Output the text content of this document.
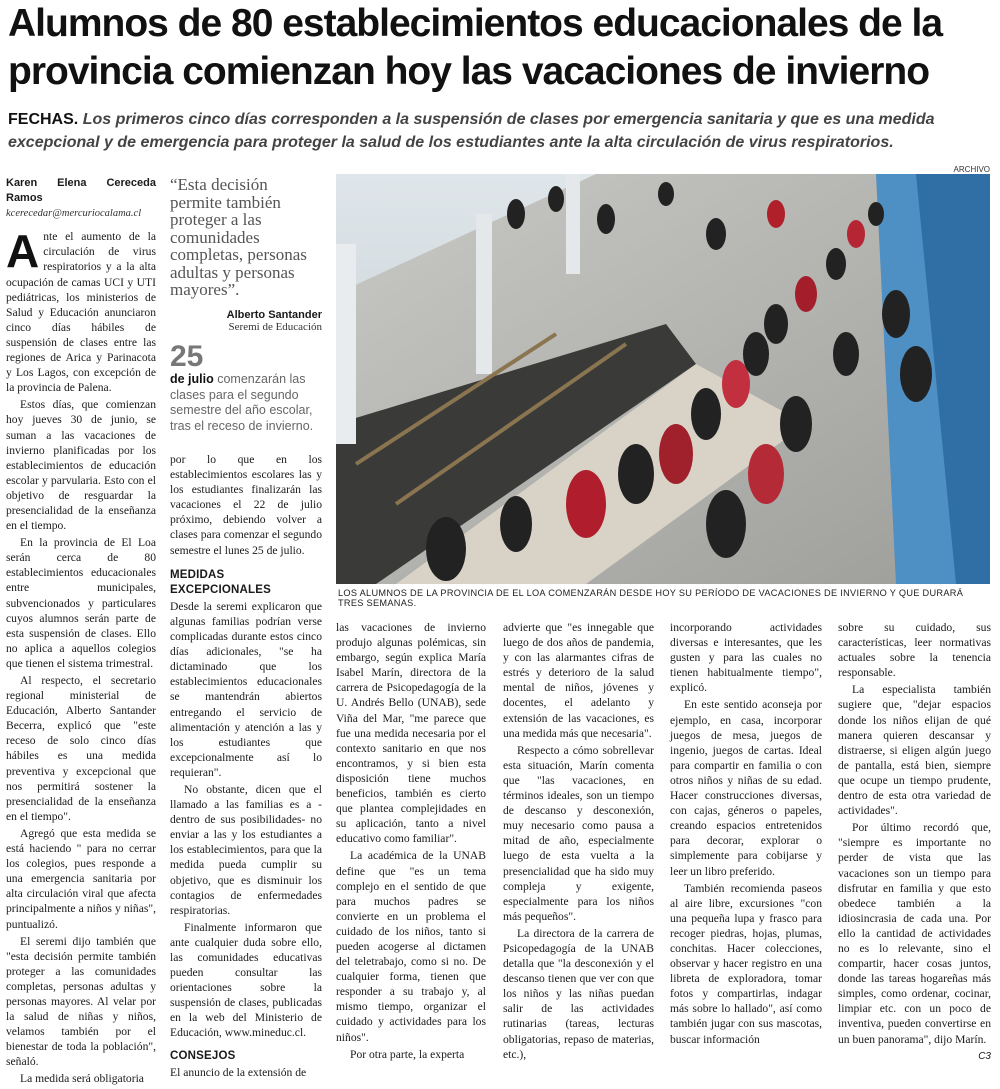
Alumnos de 80 establecimientos educacionales de la provincia comienzan hoy las vacaciones de invierno
FECHAS. Los primeros cinco días corresponden a la suspensión de clases por emergencia sanitaria y que es una medida excepcional y de emergencia para proteger la salud de los estudiantes ante la alta circulación de virus respiratorios.
Karen Elena Cereceda Ramos
kcerecedar@mercuriocalama.cl

Ante el aumento de la circulación de virus respiratorios y a la alta ocupación de camas UCI y UTI pediátricas, los ministerios de Salud y Educación anunciaron cinco días hábiles de suspensión de clases entre las regiones de Arica y Parinacota y Los Lagos, con excepción de la provincia de Palena.

Estos días, que comienzan hoy jueves 30 de junio, se suman a las vacaciones de invierno planificadas por los establecimientos de educación escolar y parvularia. Esto con el objetivo de resguardar la presencialidad de la enseñanza en el tiempo.

En la provincia de El Loa serán cerca de 80 establecimientos educacionales entre municipales, subvencionados y particulares cuyos alumnos serán parte de esta suspensión de clases. Ello no aplica a aquellos colegios que tienen el sistema trimestral.

Al respecto, el secretario regional ministerial de Educación, Alberto Santander Becerra, explicó que "este receso de solo cinco días hábiles es una medida preventiva y excepcional que nos permitirá sostener la presencialidad de la enseñanza en el tiempo".

Agregó que esta medida se está haciendo " para no cerrar los colegios, pues responde a una emergencia sanitaria por alta circulación viral que afecta principalmente a niños y niñas", puntualizó.

El seremi dijo también que "esta decisión permite también proteger a las comunidades completas, personas adultas y personas mayores. Al velar por la salud de niñas y niños, velamos también por el bienestar de toda la población", señaló.

La medida será obligatoria

“Esta decisión permite también proteger a las comunidades completas, personas adultas y personas mayores”.
Alberto Santander
Seremi de Educación
25
de julio comenzarán las clases para el segundo semestre del año escolar, tras el receso de invierno.

por lo que en los establecimientos escolares las y los estudiantes finalizarán las vacaciones el 22 de julio próximo, debiendo volver a clases para comenzar el segundo semestre el lunes 25 de julio.

MEDIDAS EXCEPCIONALES

Desde la seremi explicaron que algunas familias podrían verse complicadas durante estos cinco días adicionales, "se ha dictaminado que los establecimientos educacionales se mantendrán abiertos entregando el servicio de alimentación y atención a las y los estudiantes que excepcionalmente así lo requieran".

No obstante, dicen que el llamado a las familias es a -dentro de sus posibilidades- no enviar a las y los estudiantes a los establecimientos, para que la medida pueda cumplir su objetivo, que es disminuir los contagios de enfermedades respiratorias.

Finalmente informaron que ante cualquier duda sobre ello, las comunidades educativas pueden consultar las orientaciones sobre la suspensión de clases, publicadas en la web del Ministerio de Educación, www.mineduc.cl.

CONSEJOS

El anuncio de la extensión de

ARCHIVO
LOS ALUMNOS DE LA PROVINCIA DE EL LOA COMENZARÁN DESDE HOY SU PERÍODO DE VACACIONES DE INVIERNO Y QUE DURARÁ TRES SEMANAS.

las vacaciones de invierno produjo algunas polémicas, sin embargo, según explica María Isabel Marín, directora de la carrera de Psicopedagogía de la U. Andrés Bello (UNAB), sede Viña del Mar, "me parece que fue una medida necesaria por el contexto sanitario en que nos encontramos, y si bien esta disposición tiene muchos beneficios, también es cierto que plantea complejidades en su aplicación, tanto a nivel educativo como familiar".

La académica de la UNAB define que "es un tema complejo en el sentido de que para muchos padres se convierte en un problema el cuidado de los niños, tanto si pueden acogerse al dictamen del teletrabajo, como si no. De cualquier forma, tienen que responder a su trabajo y, al mismo tiempo, organizar el cuidado y actividades para los niños".

Por otra parte, la experta

advierte que "es innegable que luego de dos años de pandemia, y con las alarmantes cifras de estrés y deterioro de la salud mental de niños, jóvenes y docentes, el adelanto y extensión de las vacaciones, es una medida más que necesaria".

Respecto a cómo sobrellevar esta situación, Marín comenta que "las vacaciones, en términos ideales, son un tiempo de descanso y desconexión, muy necesario como pausa a mitad de año, especialmente luego de esta vuelta a la presencialidad que ha sido muy compleja y exigente, especialmente para los niños más pequeños".

La directora de la carrera de Psicopedagogía de la UNAB detalla que "la desconexión y el descanso tienen que ver con que los niños y las niñas puedan salir de las actividades rutinarias (tareas, lecturas obligatorias, repaso de materias, etc.),

incorporando actividades diversas e interesantes, que les gusten y para las cuales no tienen habitualmente tiempo", explicó.

En este sentido aconseja por ejemplo, en casa, incorporar juegos de mesa, juegos de ingenio, juegos de cartas. Ideal para compartir en familia o con otros niños y niñas de su edad. Hacer construcciones diversas, con cajas, géneros o papeles, creando espacios entretenidos para decorar, explorar o simplemente para cobijarse y leer un libro preferido.

También recomienda paseos al aire libre, excursiones "con una pequeña lupa y frasco para recoger piedras, hojas, plumas, conchitas. Hacer colecciones, observar y hacer registro en una libreta de exploradora, tomar fotos y compartirlas, indagar más sobre lo hallado", así como también jugar con sus mascotas, buscar información

sobre su cuidado, sus características, leer normativas actuales sobre la tenencia responsable.

La especialista también sugiere que, "dejar espacios donde los niños elijan de qué manera quieren descansar y distraerse, si eligen algún juego de pantalla, está bien, siempre que ocupe un tiempo prudente, dentro de esta otra variedad de actividades".

Por último recordó que, "siempre es importante no perder de vista que las vacaciones son un tiempo para disfrutar en familia y que esto obedece también a la idiosincrasia de cada una. Por ello la cantidad de actividades no es lo relevante, sino el compartir, hacer cosas juntos, donde las tareas hogareñas más simples, como ordenar, cocinar, limpiar etc. con un poco de inventiva, pueden convertirse en un buen panorama", dijo Marín.

C3
